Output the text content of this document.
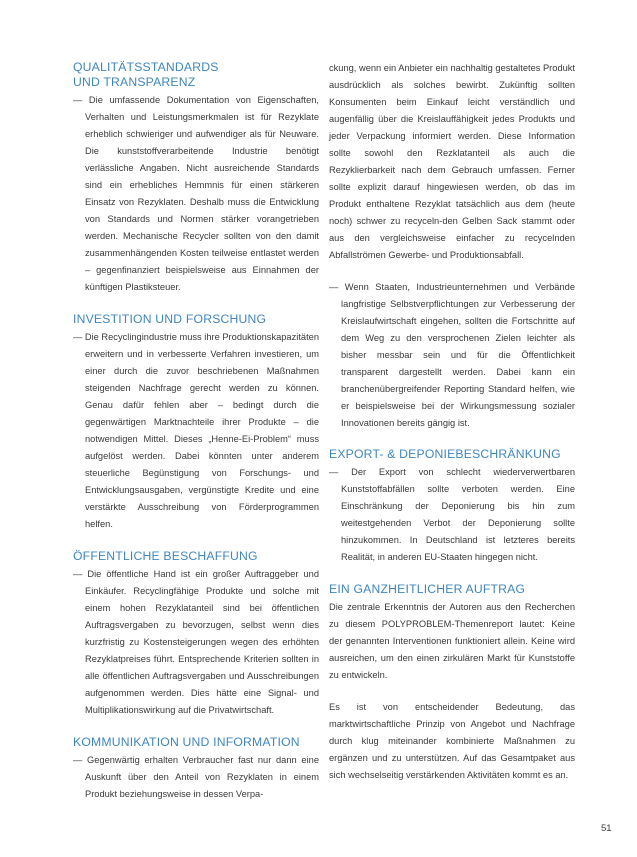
QUALITÄTSSTANDARDS
UND TRANSPARENZ

— Die umfassende Dokumentation von Eigenschaften, Verhalten und Leistungsmerkmalen ist für Rezyklate erheblich schwieriger und aufwendiger als für Neuware. Die kunststoffverarbeitende Industrie benötigt verlässliche Angaben. Nicht ausreichende Standards sind ein erhebliches Hemmnis für einen stärkeren Einsatz von Rezyklaten. Deshalb muss die Entwicklung von Standards und Normen stärker vorangetrieben werden. Mechanische Recycler sollten von den damit zusammenhängenden Kosten teilweise entlastet werden – gegenfinanziert beispielsweise aus Einnahmen der künftigen Plastiksteuer.

INVESTITION UND FORSCHUNG

— Die Recyclingindustrie muss ihre Produktionskapazitäten erweitern und in verbesserte Verfahren investieren, um einer durch die zuvor beschriebenen Maßnahmen steigenden Nachfrage gerecht werden zu können. Genau dafür fehlen aber – bedingt durch die gegenwärtigen Marktnachteile ihrer Produkte – die notwendigen Mittel. Dieses „Henne-Ei-Problem“ muss aufgelöst werden. Dabei könnten unter anderem steuerliche Begünstigung von Forschungs- und Entwicklungsausgaben, vergünstigte Kredite und eine verstärkte Ausschreibung von Förderprogrammen helfen.

ÖFFENTLICHE BESCHAFFUNG

— Die öffentliche Hand ist ein großer Auftraggeber und Einkäufer. Recyclingfähige Produkte und solche mit einem hohen Rezyklatanteil sind bei öffentlichen Auftragsvergaben zu bevorzugen, selbst wenn dies kurzfristig zu Kostensteigerungen wegen des erhöhten Rezyklatpreises führt. Entsprechende Kriterien sollten in alle öffentlichen Auftragsvergaben und Ausschreibungen aufgenommen werden. Dies hätte eine Signal- und Multiplikationswirkung auf die Privatwirtschaft.

KOMMUNIKATION UND INFORMATION

— Gegenwärtig erhalten Verbraucher fast nur dann eine Auskunft über den Anteil von Rezyklaten in einem Produkt beziehungsweise in dessen Verpa-

ckung, wenn ein Anbieter ein nachhaltig gestaltetes Produkt ausdrücklich als solches bewirbt. Zukünftig sollten Konsumenten beim Einkauf leicht verständlich und augenfällig über die Kreislauffähigkeit jedes Produkts und jeder Verpackung informiert werden. Diese Information sollte sowohl den Rezklatanteil als auch die Rezyklierbarkeit nach dem Gebrauch umfassen. Ferner sollte explizit darauf hingewiesen werden, ob das im Produkt enthaltene Rezyklat tatsächlich aus dem (heute noch) schwer zu recyceln-den Gelben Sack stammt oder aus den vergleichsweise einfacher zu recycelnden Abfallströmen Gewerbe- und Produktionsabfall.

— Wenn Staaten, Industrieunternehmen und Verbände langfristige Selbstverpflichtungen zur Verbesserung der Kreislaufwirtschaft eingehen, sollten die Fortschritte auf dem Weg zu den versprochenen Zielen leichter als bisher messbar sein und für die Öffentlichkeit transparent dargestellt werden. Dabei kann ein branchenübergreifender Reporting Standard helfen, wie er beispielsweise bei der Wirkungsmessung sozialer Innovationen bereits gängig ist.

EXPORT- & DEPONIEBESCHRÄNKUNG

— Der Export von schlecht wiederverwertbaren Kunststoffabfällen sollte verboten werden. Eine Einschränkung der Deponierung bis hin zum weitestgehenden Verbot der Deponierung sollte hinzukommen. In Deutschland ist letzteres bereits Realität, in anderen EU-Staaten hingegen nicht.

EIN GANZHEITLICHER AUFTRAG

Die zentrale Erkenntnis der Autoren aus den Recherchen zu diesem POLYPROBLEM-Themenreport lautet: Keine der genannten Interventionen funktioniert allein. Keine wird ausreichen, um den einen zirkulären Markt für Kunststoffe zu entwickeln.

Es ist von entscheidender Bedeutung, das marktwirtschaftliche Prinzip von Angebot und Nachfrage durch klug miteinander kombinierte Maßnahmen zu ergänzen und zu unterstützen. Auf das Gesamtpaket aus sich wechselseitig verstärkenden Aktivitäten kommt es an.

51
